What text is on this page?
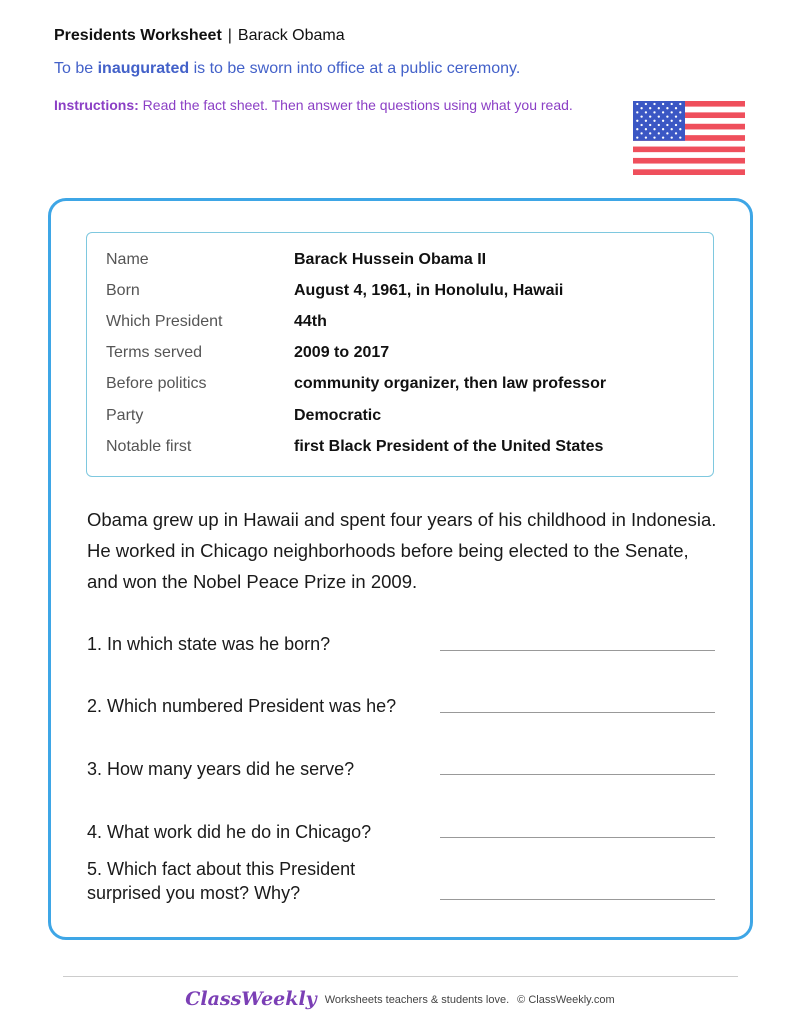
Presidents Worksheet | Barack Obama
To be inaugurated is to be sworn into office at a public ceremony.
Instructions: Read the fact sheet. Then answer the questions using what you read.
Name	Barack Hussein Obama II
Born	August 4, 1961, in Honolulu, Hawaii
Which President	44th
Terms served	2009 to 2017
Before politics	community organizer, then law professor
Party	Democratic
Notable first	first Black President of the United States
Obama grew up in Hawaii and spent four years of his childhood in Indonesia. He worked in Chicago neighborhoods before being elected to the Senate, and won the Nobel Peace Prize in 2009.
1. In which state was he born?
2. Which numbered President was he?
3. How many years did he serve?
4. What work did he do in Chicago?
5. Which fact about this President surprised you most? Why?
ClassWeekly Worksheets teachers & students love. © ClassWeekly.com
